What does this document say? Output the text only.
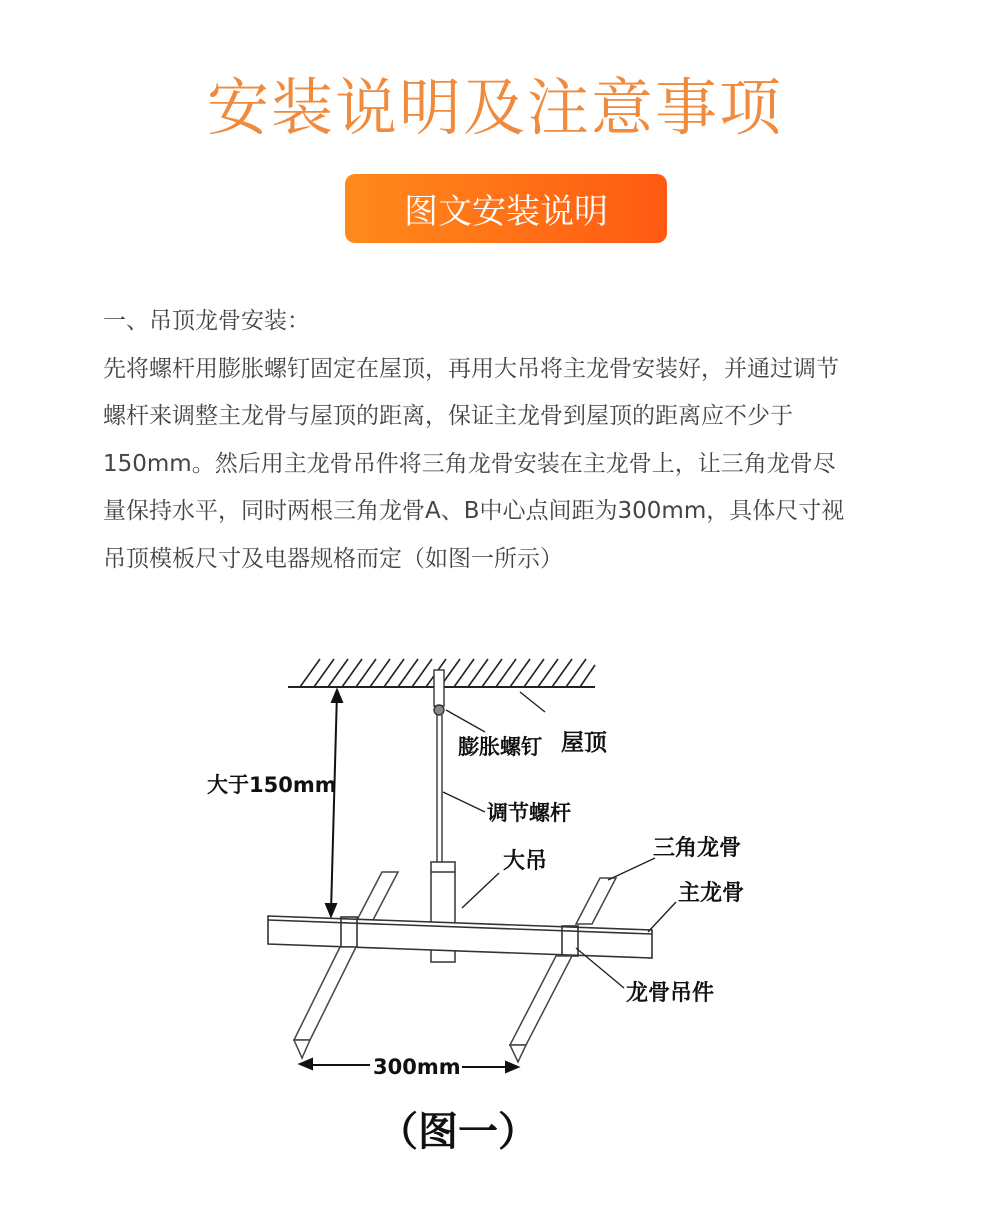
安装说明及注意事项
图文安装说明

一、吊顶龙骨安装：

先将螺杆用膨胀螺钉固定在屋顶，再用大吊将主龙骨安装好，并通过调节

螺杆来调整主龙骨与屋顶的距离，保证主龙骨到屋顶的距离应不少于

150mm。然后用主龙骨吊件将三角龙骨安装在主龙骨上，让三角龙骨尽

量保持水平，同时两根三角龙骨A、B中心点间距为300mm，具体尺寸视

吊顶模板尺寸及电器规格而定（如图一所示）

屋顶
膨胀螺钉
大于150mm
调节螺杆
大吊
三角龙骨
主龙骨
龙骨吊件
300mm
（图一）
